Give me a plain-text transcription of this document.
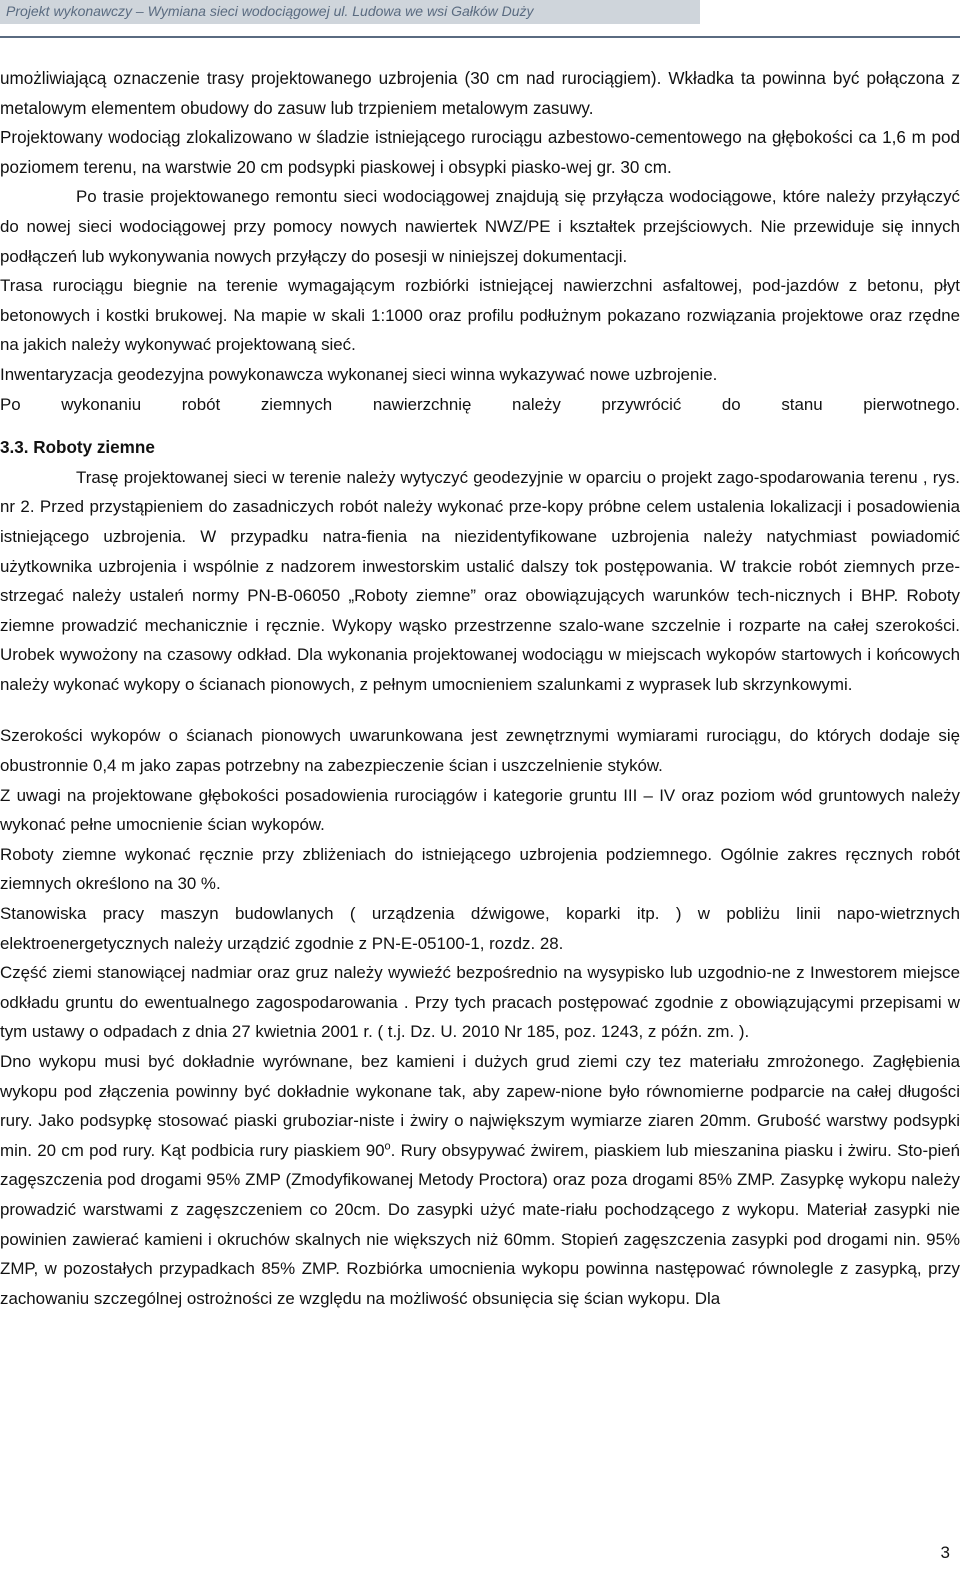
Projekt wykonawczy – Wymiana sieci wodociągowej ul. Ludowa we wsi Gałków Duży

umożliwiającą oznaczenie trasy projektowanego uzbrojenia (30 cm nad rurociągiem). Wkładka ta powinna być połączona z metalowym elementem obudowy do zasuw lub trzpieniem metalowym zasuwy.

Projektowany wodociąg zlokalizowano w śladzie istniejącego rurociągu azbestowo-cementowego na głębokości ca 1,6 m pod poziomem terenu, na warstwie 20 cm podsypki piaskowej i obsypki piasko-wej gr. 30 cm.

Po trasie projektowanego remontu sieci wodociągowej znajdują się przyłącza wodociągowe, które należy przyłączyć do nowej sieci wodociągowej przy pomocy nowych nawiertek NWZ/PE i kształtek przejściowych. Nie przewiduje się innych podłączeń lub wykonywania nowych przyłączy do posesji w niniejszej dokumentacji.

Trasa rurociągu biegnie na terenie wymagającym rozbiórki istniejącej nawierzchni asfaltowej, pod-jazdów z betonu, płyt betonowych i kostki brukowej. Na mapie w skali 1:1000 oraz profilu podłużnym pokazano rozwiązania projektowe oraz rzędne na jakich należy wykonywać projektowaną sieć.

Inwentaryzacja geodezyjna powykonawcza wykonanej sieci winna wykazywać nowe uzbrojenie.

Po wykonaniu robót ziemnych nawierzchnię należy przywrócić do stanu pierwotnego.

3.3. Roboty ziemne

Trasę projektowanej sieci w terenie należy wytyczyć geodezyjnie w oparciu o projekt zago-spodarowania terenu , rys. nr 2. Przed przystąpieniem do zasadniczych robót należy wykonać prze-kopy próbne celem ustalenia lokalizacji i posadowienia istniejącego uzbrojenia. W przypadku natra-fienia na niezidentyfikowane uzbrojenia należy natychmiast powiadomić użytkownika uzbrojenia i wspólnie z nadzorem inwestorskim ustalić dalszy tok postępowania. W trakcie robót ziemnych prze-strzegać należy ustaleń normy PN-B-06050 „Roboty ziemne” oraz obowiązujących warunków tech-nicznych i BHP. Roboty ziemne prowadzić mechanicznie i ręcznie. Wykopy wąsko przestrzenne szalo-wane szczelnie i rozparte na całej szerokości. Urobek wywożony na czasowy odkład. Dla wykonania projektowanej wodociągu w miejscach wykopów startowych i końcowych należy wykonać wykopy o ścianach pionowych, z pełnym umocnieniem szalunkami z wyprasek lub skrzynkowymi.

Szerokości wykopów o ścianach pionowych uwarunkowana jest zewnętrznymi wymiarami rurociągu, do których dodaje się obustronnie 0,4 m jako zapas potrzebny na zabezpieczenie ścian i uszczelnienie styków.

Z uwagi na projektowane głębokości posadowienia rurociągów i kategorie gruntu III – IV oraz poziom wód gruntowych należy wykonać pełne umocnienie ścian wykopów.

Roboty ziemne wykonać ręcznie przy zbliżeniach do istniejącego uzbrojenia podziemnego. Ogólnie zakres ręcznych robót ziemnych określono na 30 %.

Stanowiska pracy maszyn budowlanych ( urządzenia dźwigowe, koparki itp. ) w pobliżu linii napo-wietrznych elektroenergetycznych należy urządzić zgodnie z PN-E-05100-1, rozdz. 28.

Część ziemi stanowiącej nadmiar oraz gruz należy wywieźć bezpośrednio na wysypisko lub uzgodnio-ne z Inwestorem miejsce odkładu gruntu do ewentualnego zagospodarowania . Przy tych pracach postępować zgodnie z obowiązującymi przepisami w tym ustawy o odpadach z dnia 27 kwietnia 2001 r. ( t.j. Dz. U. 2010 Nr 185, poz. 1243, z późn. zm. ).

Dno wykopu musi być dokładnie wyrównane, bez kamieni i dużych grud ziemi czy tez materiału zmrożonego. Zagłębienia wykopu pod złączenia powinny być dokładnie wykonane tak, aby zapew-nione było równomierne podparcie na całej długości rury. Jako podsypkę stosować piaski gruboziar-niste i żwiry o największym wymiarze ziaren 20mm. Grubość warstwy podsypki min. 20 cm pod rury. Kąt podbicia rury piaskiem 90$^o$. Rury obsypywać żwirem, piaskiem lub mieszanina piasku i żwiru. Sto-pień zagęszczenia pod drogami 95% ZMP (Zmodyfikowanej Metody Proctora) oraz poza drogami 85% ZMP. Zasypkę wykopu należy prowadzić warstwami z zagęszczeniem co 20cm. Do zasypki użyć mate-riału pochodzącego z wykopu. Materiał zasypki nie powinien zawierać kamieni i okruchów skalnych nie większych niż 60mm. Stopień zagęszczenia zasypki pod drogami nin. 95% ZMP, w pozostałych przypadkach 85% ZMP. Rozbiórka umocnienia wykopu powinna następować równolegle z zasypką, przy zachowaniu szczególnej ostrożności ze względu na możliwość obsunięcia się ścian wykopu. Dla

3
